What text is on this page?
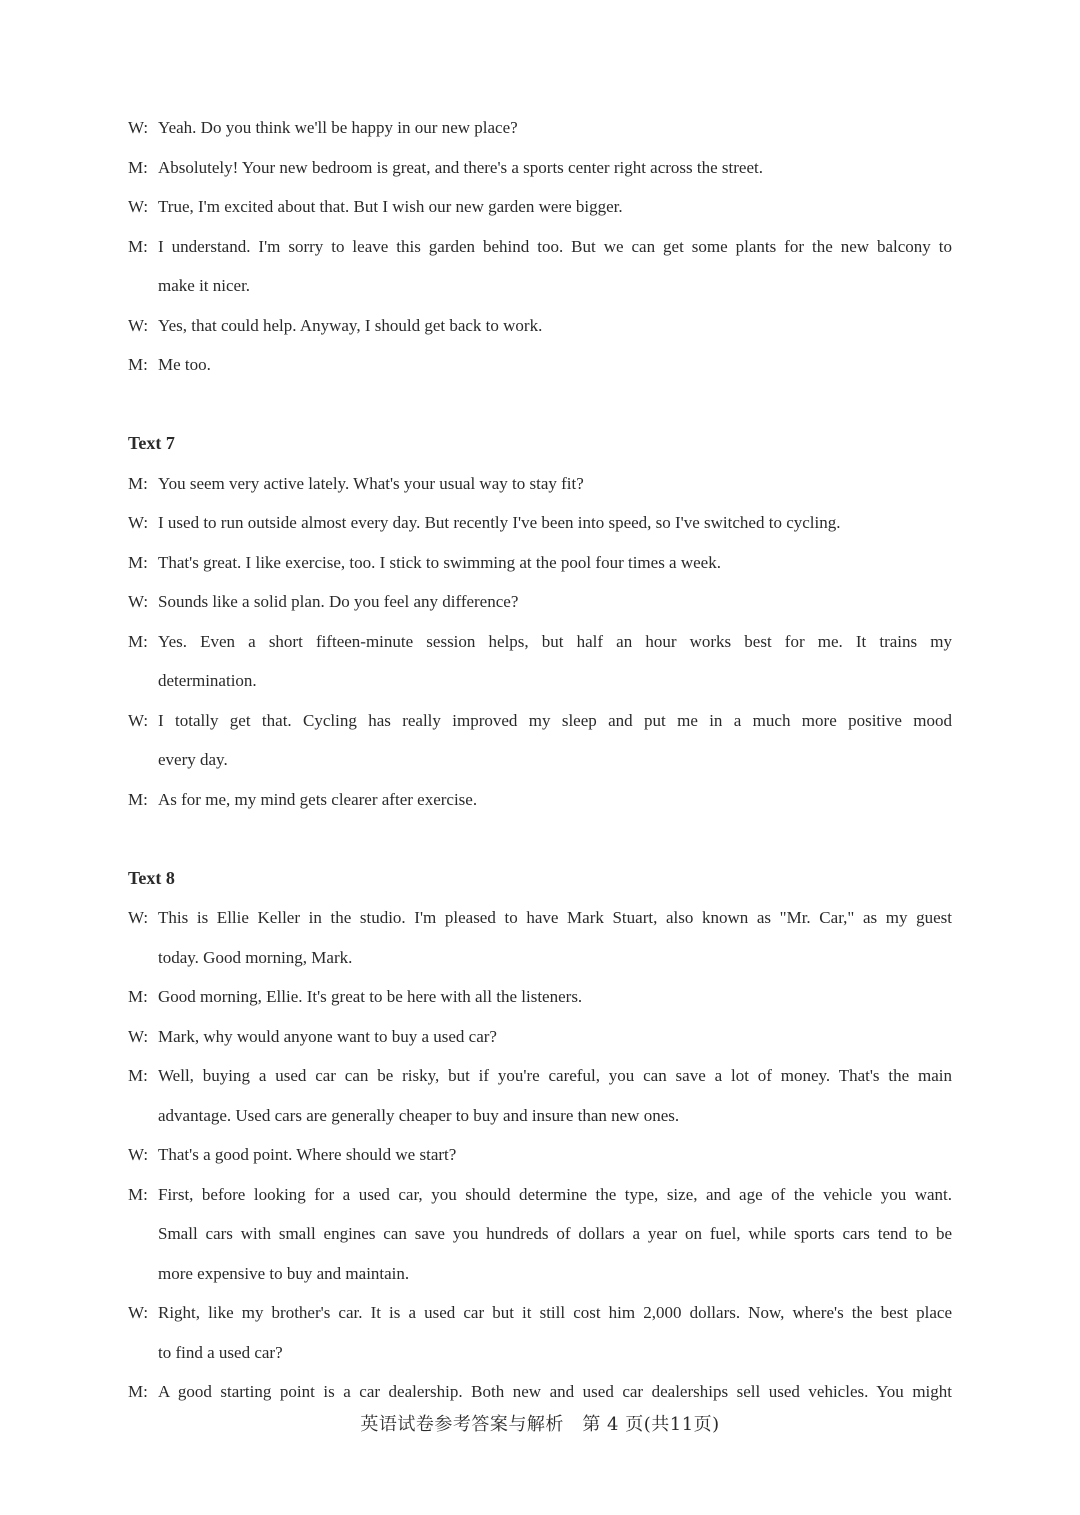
W: Yeah. Do you think we'll be happy in our new place?
M: Absolutely! Your new bedroom is great, and there's a sports center right across the street.
W: True, I'm excited about that. But I wish our new garden were bigger.
M: I understand. I'm sorry to leave this garden behind too. But we can get some plants for the new balcony to
make it nicer.
W: Yes, that could help. Anyway, I should get back to work.
M: Me too.
Text 7
M: You seem very active lately. What's your usual way to stay fit?
W: I used to run outside almost every day. But recently I've been into speed, so I've switched to cycling.
M: That's great. I like exercise, too. I stick to swimming at the pool four times a week.
W: Sounds like a solid plan. Do you feel any difference?
M: Yes. Even a short fifteen-minute session helps, but half an hour works best for me. It trains my
determination.
W: I totally get that. Cycling has really improved my sleep and put me in a much more positive mood
every day.
M: As for me, my mind gets clearer after exercise.
Text 8
W: This is Ellie Keller in the studio. I'm pleased to have Mark Stuart, also known as "Mr. Car," as my guest
today. Good morning, Mark.
M: Good morning, Ellie. It's great to be here with all the listeners.
W: Mark, why would anyone want to buy a used car?
M: Well, buying a used car can be risky, but if you're careful, you can save a lot of money. That's the main
advantage. Used cars are generally cheaper to buy and insure than new ones.
W: That's a good point. Where should we start?
M: First, before looking for a used car, you should determine the type, size, and age of the vehicle you want.
Small cars with small engines can save you hundreds of dollars a year on fuel, while sports cars tend to be
more expensive to buy and maintain.
W: Right, like my brother's car. It is a used car but it still cost him 2,000 dollars. Now, where's the best place
to find a used car?
M: A good starting point is a car dealership. Both new and used car dealerships sell used vehicles. You might
英语试卷参考答案与解析　第 4 页(共11页)
